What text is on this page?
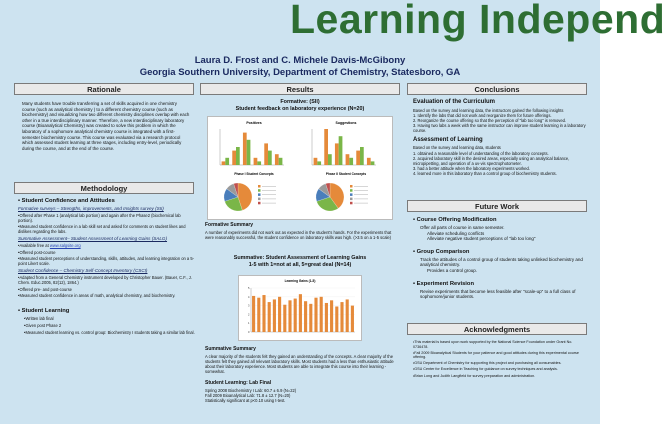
Learning Independ
Laura D. Frost and C. Michele Davis-McGibony
Georgia Southern University, Department of Chemistry, Statesboro, GA
Rationale
Many students have trouble transferring a set of skills acquired in one chemistry course (such as analytical chemistry ) to a different chemistry course (such as biochemistry) and visualizing how two different chemistry disciplines overlap with each other in a true interdisciplinary manner. Therefore, a new interdisciplinary laboratory course (Bioanalytical Chemistry) was created to solve this problem in which the laboratory of a sophomore analytical chemistry course is integrated with a first-semester biochemistry course. This course was evaluated via a research protocol which assessed student learning at three stages, including entry-level, periodically during the course, and at the end of the course.
Methodology

• Student Confidence and Attitudes

Formative surveys – Strengths, improvements, and Insights survey (SII)

•Offered after Phase 1 (analytical lab portion) and again after the Phase2 (biochemical lab portion).

•Measured student confidence in a lab skill set and asked for comments on student likes and dislikes regarding the labs.

Summative Assessment– Student Assessment of Learning Gains (SALG)

•Available free at www.salgsite.org

•Offered post-course

•Measured student perceptions of understanding, skills, attitudes, and learning integration on a 5-point Likert scale.

Student Confidence – Chemistry Self-Concept Inventory (CSCI)

•Adapted from a General Chemistry instrument developed by Christopher Bauer. (Bauer, C.F., J. Chem. Educ.2005, 82(12), 1864.)

•Offered pre- and post-course

•Measured student confidence in areas of math, analytical chemistry, and biochemistry.

• Student Learning

•Written lab final

•Given post Phase 2

•Measured student learning vs. control group: Biochemistry I students taking a similar lab final.

Results
Formative: (SII)
Student feedback on laboratory experience (N=20)
Positives	Suggestions
Phase I Student Concepts	Phase II Student Concepts

Formative Summary

A number of experiments did not work out as expected in the student's hands. For the experiments that were reasonably successful, the student confidence on laboratory skills was high. (>3.5 on a 1-5 scale)

Summative: Student Assessment of Learning Gains
1-5 with 1=not at all, 5=great deal (N=14)
Learning Gains (1-5)
0
1
2
3
4
5

Summative Summary

A clear majority of the students felt they gained an understanding of the concepts. A clear majority of the students felt they gained all relevant laboratory skills. Most students had a less than enthusiastic attitude about their laboratory experience. Most students are able to integrate this course into their learning - somewhat.

Student Learning: Lab Final

Spring 2008 Biochemistry I Lab: 60.7 ± 6.9 (N=22)

Fall 2009 Bioanalytical Lab: 71.8 ± 12.7 (N=20)

Statistically significant at p<0.10 using t-test.

Conclusions

Evaluation of the Curriculum

Based on the survey and learning data, the instructors gained the following insights

1. Identify the labs that did not work and reorganize them for future offerings.

2. Reorganize the course offering so that the perception of "lab too long" is removed.

3. Having two labs a week with the same instructor can improve student learning in a laboratory course.

Assessment of Learning

Based on the survey and learning data, students

1. obtained a reasonable level of understanding of the laboratory concepts.

2. acquired laboratory skill in the desired areas, especially using an analytical balance, micropipetting, and operation of a uv-vis spectrophotometer.

3. had a better attitude when the laboratory experiments worked.

4. learned more in this laboratory than a control group of biochemistry students.

Future Work

• Course Offering Modification

Offer all parts of course in same semester.

Alleviate scheduling conflicts

Alleviate negative student perceptions of "lab too long"

• Group Comparison

Track the attitudes of a control group of students taking unlinked biochemistry and analytical chemistry.

Provides a control group.

• Experiment Revision

Revise experiments that become less feasible after "scale-up" to a full class of sophomore/junior students.

Acknowledgments

•This material is based upon work supported by the National Science Foundation under Grant No. 0736478.

•Fall 2009 Bioanalytical Students for your patience and good attitudes during this experimental course offering.

•GSU Department of Chemistry for supporting this project and purchasing all consumables.

•GSU Center for Excellence in Teaching for guidance on survey techniques and analysis.

•Brian Long and Judith Langfield for survey preparation and administration.
